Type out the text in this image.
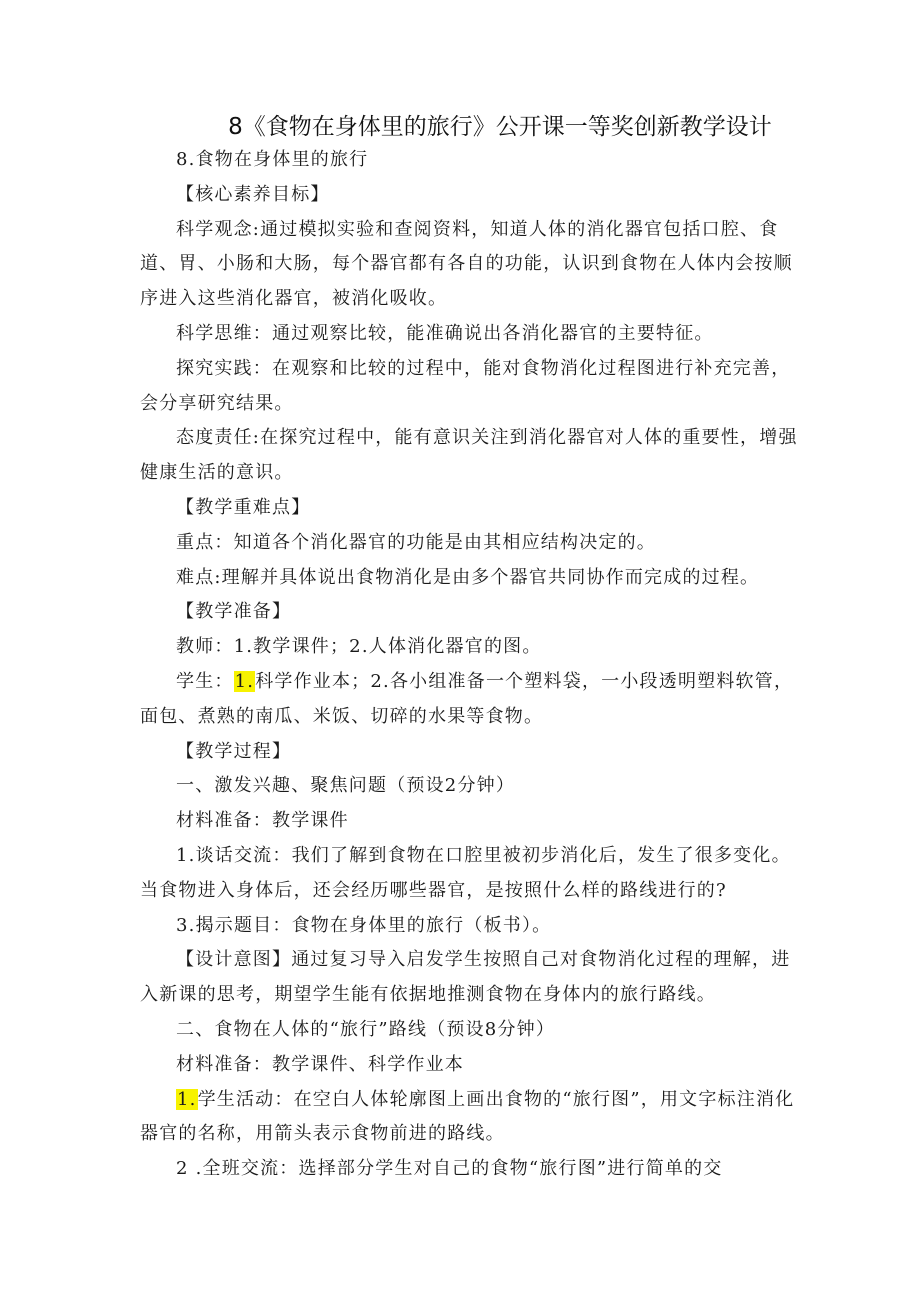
8《食物在身体里的旅行》公开课一等奖创新教学设计

8.食物在身体里的旅行

【核心素养目标】

科学观念:通过模拟实验和查阅资料，知道人体的消化器官包括口腔、食道、胃、小肠和大肠，每个器官都有各自的功能，认识到食物在人体内会按顺序进入这些消化器官，被消化吸收。

科学思维：通过观察比较，能准确说出各消化器官的主要特征。

探究实践：在观察和比较的过程中，能对食物消化过程图进行补充完善，会分享研究结果。

态度责任:在探究过程中，能有意识关注到消化器官对人体的重要性，增强健康生活的意识。

【教学重难点】

重点：知道各个消化器官的功能是由其相应结构决定的。

难点:理解并具体说出食物消化是由多个器官共同协作而完成的过程。

【教学准备】

教师：1.教学课件；2.人体消化器官的图。

学生：1.科学作业本；2.各小组准备一个塑料袋，一小段透明塑料软管，面包、煮熟的南瓜、米饭、切碎的水果等食物。

【教学过程】

一、激发兴趣、聚焦问题（预设2分钟）

材料准备：教学课件

1.谈话交流：我们了解到食物在口腔里被初步消化后，发生了很多变化。当食物进入身体后，还会经历哪些器官，是按照什么样的路线进行的?

3.揭示题目：食物在身体里的旅行（板书）。

【设计意图】通过复习导入启发学生按照自己对食物消化过程的理解，进入新课的思考，期望学生能有依据地推测食物在身体内的旅行路线。

二、食物在人体的“旅行”路线（预设8分钟）

材料准备：教学课件、科学作业本

1.学生活动：在空白人体轮廓图上画出食物的“旅行图”，用文字标注消化器官的名称，用箭头表示食物前进的路线。

2 .全班交流：选择部分学生对自己的食物“旅行图”进行简单的交
